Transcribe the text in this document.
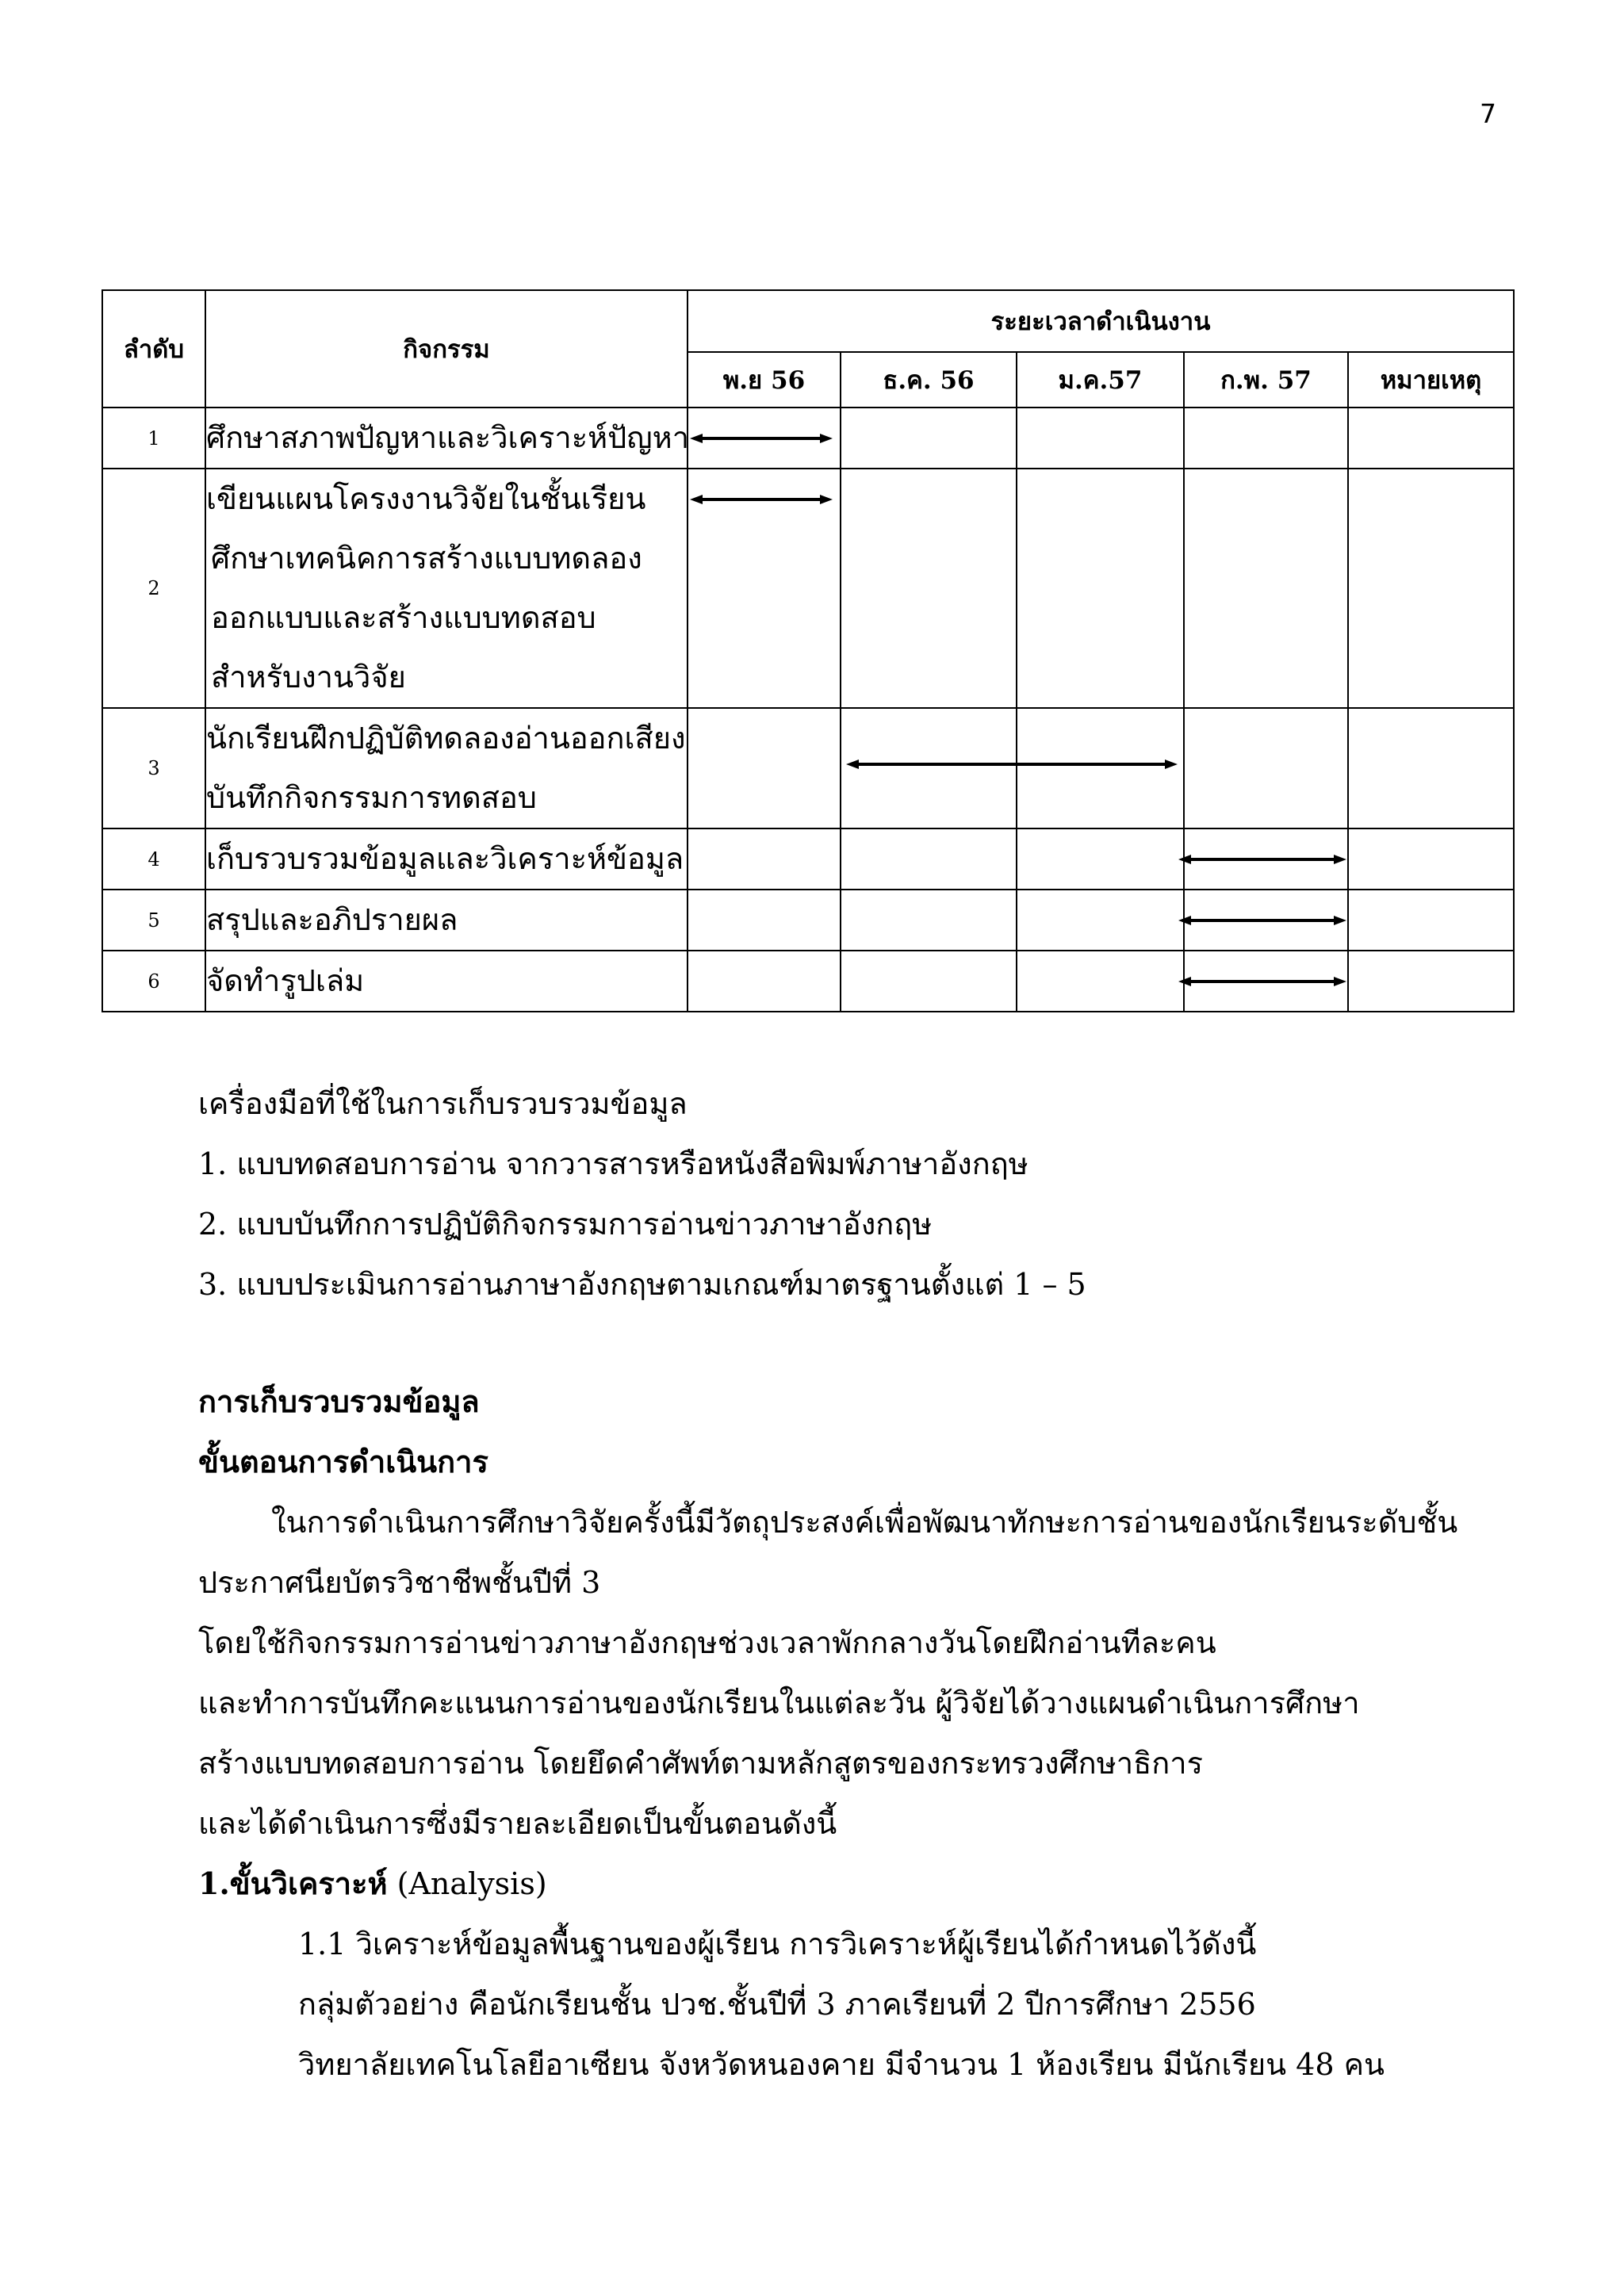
7
ลำดับ	กิจกรรม	ระยะเวลาดำเนินงาน				
		พ.ย 56	ธ.ค. 56	ม.ค.57	ก.พ. 57	หมายเหตุ
1	ศึกษาสภาพปัญหาและวิเคราะห์ปัญหา					

2	เขียนแผนโครงงานวิจัยในชั้นเรียน
ศึกษาเทคนิคการสร้างแบบทดลอง
ออกแบบและสร้างแบบทดสอบ
สำหรับงานวิจัย					

3	นักเรียนฝึกปฏิบัติทดลองอ่านออกเสียง
บันทึกกิจกรรมการทดสอบ					

4	เก็บรวบรวมข้อมูลและวิเคราะห์ข้อมูล					

5	สรุปและอภิปรายผล					

6	จัดทำรูปเล่ม					

เครื่องมือที่ใช้ในการเก็บรวบรวมข้อมูล
1. แบบทดสอบการอ่าน จากวารสารหรือหนังสือพิมพ์ภาษาอังกฤษ
2. แบบบันทึกการปฏิบัติกิจกรรมการอ่านข่าวภาษาอังกฤษ
3. แบบประเมินการอ่านภาษาอังกฤษตามเกณฑ์มาตรฐานตั้งแต่ 1 – 5
การเก็บรวบรวมข้อมูล
ขั้นตอนการดำเนินการ
ในการดำเนินการศึกษาวิจัยครั้งนี้มีวัตถุประสงค์เพื่อพัฒนาทักษะการอ่านของนักเรียนระดับชั้น
ประกาศนียบัตรวิชาชีพชั้นปีที่ 3
โดยใช้กิจกรรมการอ่านข่าวภาษาอังกฤษช่วงเวลาพักกลางวันโดยฝึกอ่านทีละคน
และทำการบันทึกคะแนนการอ่านของนักเรียนในแต่ละวัน ผู้วิจัยได้วางแผนดำเนินการศึกษา
สร้างแบบทดสอบการอ่าน โดยยึดคำศัพท์ตามหลักสูตรของกระทรวงศึกษาธิการ
และได้ดำเนินการซึ่งมีรายละเอียดเป็นขั้นตอนดังนี้
1.ขั้นวิเคราะห์ (Analysis)
1.1 วิเคราะห์ข้อมูลพื้นฐานของผู้เรียน การวิเคราะห์ผู้เรียนได้กำหนดไว้ดังนี้
กลุ่มตัวอย่าง คือนักเรียนชั้น ปวช.ชั้นปีที่ 3 ภาคเรียนที่ 2 ปีการศึกษา 2556
วิทยาลัยเทคโนโลยีอาเซียน จังหวัดหนองคาย มีจำนวน 1 ห้องเรียน มีนักเรียน 48 คน
